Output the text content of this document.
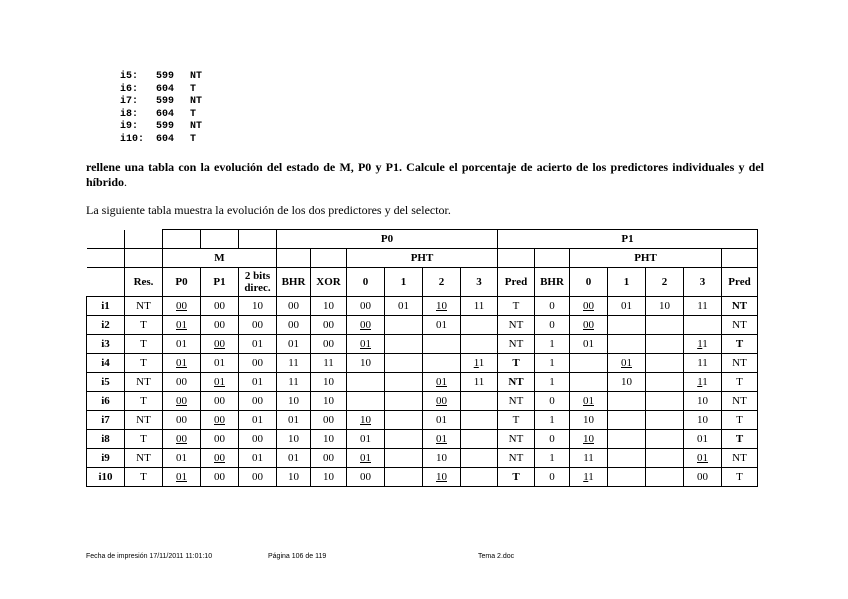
i5: 599 NT
i6: 604 T
i7: 599 NT
i8: 604 T
i9: 599 NT
i10: 604 T
rellene una tabla con la evolución del estado de M, P0 y P1. Calcule el porcentaje de acierto de los predictores individuales y del híbrido.
La siguiente tabla muestra la evolución de los dos predictores y del selector.
					P0						P1						
		M					PHT						PHT				
	Res.	P0	P1	2 bits direc.	BHR	XOR	0	1	2	3	Pred	BHR	0	1	2	3	Pred
i1	NT	00	00	10	00	10	00	01	10	11	T	0	00	01	10	11	NT
i2	T	01	00	00	00	00	00		01		NT	0	00				NT
i3	T	01	00	01	01	00	01				NT	1	01			11	T
i4	T	01	01	00	11	11	10			11	T	1		01		11	NT
i5	NT	00	01	01	11	10			01	11	NT	1		10		11	T
i6	T	00	00	00	10	10			00		NT	0	01			10	NT
i7	NT	00	00	01	01	00	10		01		T	1	10			10	T
i8	T	00	00	00	10	10	01		01		NT	0	10			01	T
i9	NT	01	00	01	01	00	01		10		NT	1	11			01	NT
i10	T	01	00	00	10	10	00		10		T	0	11			00	T
Fecha de impresión 17/11/2011 11:01:10	Página 106 de 119	Tema 2.doc
